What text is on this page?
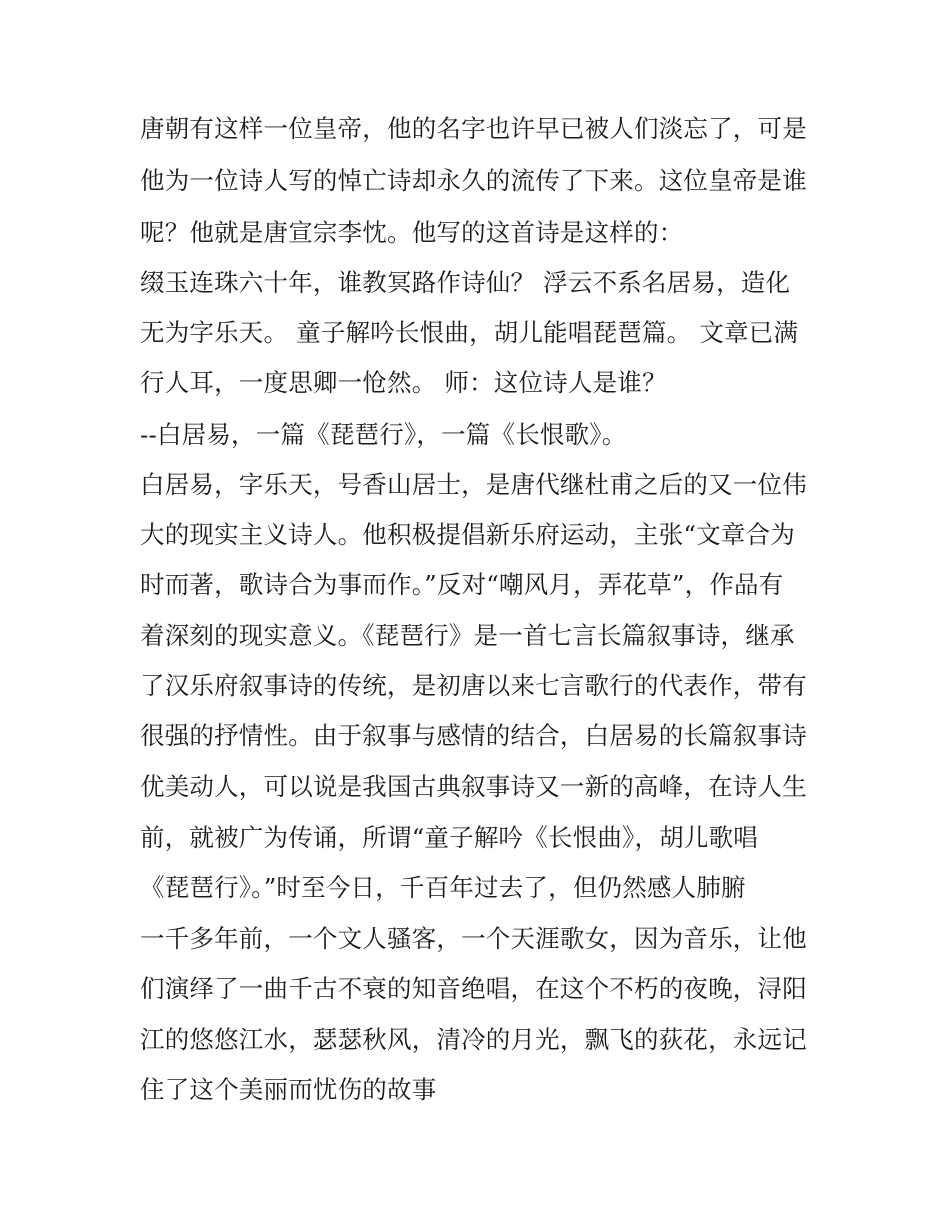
唐朝有这样一位皇帝，他的名字也许早已被人们淡忘了，可是
他为一位诗人写的悼亡诗却永久的流传了下来。这位皇帝是谁
呢？他就是唐宣宗李忱。他写的这首诗是这样的：
缀玉连珠六十年，谁教冥路作诗仙？ 浮云不系名居易，造化
无为字乐天。 童子解吟长恨曲，胡儿能唱琵琶篇。 文章已满
行人耳，一度思卿一怆然。 师：这位诗人是谁？
--白居易，一篇《琵琶行》，一篇《长恨歌》。
白居易，字乐天，号香山居士，是唐代继杜甫之后的又一位伟
大的现实主义诗人。他积极提倡新乐府运动，主张“文章合为
时而著，歌诗合为事而作。”反对“嘲风月，弄花草”，作品有
着深刻的现实意义。《琵琶行》是一首七言长篇叙事诗，继承
了汉乐府叙事诗的传统，是初唐以来七言歌行的代表作，带有
很强的抒情性。由于叙事与感情的结合，白居易的长篇叙事诗
优美动人，可以说是我国古典叙事诗又一新的高峰，在诗人生
前，就被广为传诵，所谓“童子解吟《长恨曲》，胡儿歌唱
《琵琶行》。”时至今日，千百年过去了，但仍然感人肺腑
一千多年前，一个文人骚客，一个天涯歌女，因为音乐，让他
们演绎了一曲千古不衰的知音绝唱，在这个不朽的夜晚，浔阳
江的悠悠江水，瑟瑟秋风，清冷的月光，飘飞的荻花，永远记
住了这个美丽而忧伤的故事
